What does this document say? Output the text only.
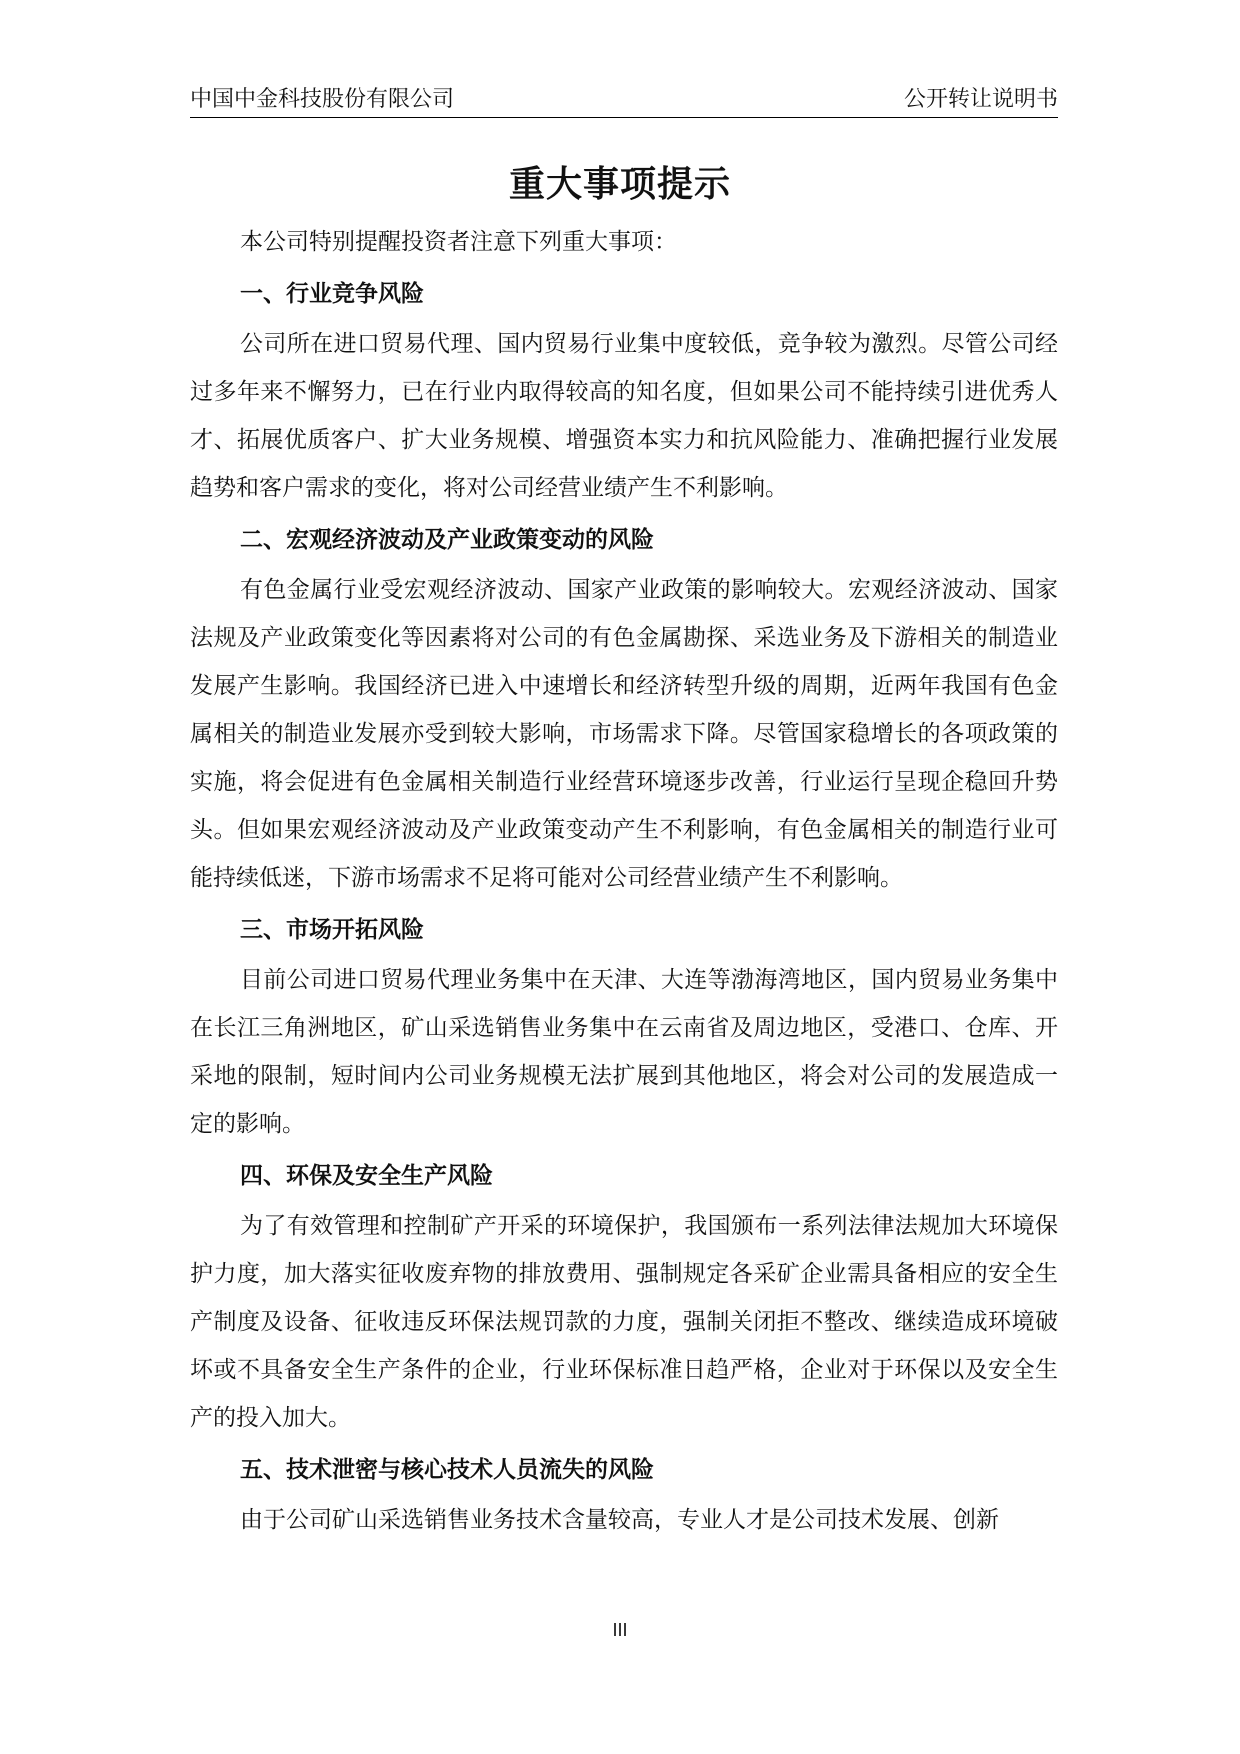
中国中金科技股份有限公司	公开转让说明书
重大事项提示

本公司特别提醒投资者注意下列重大事项：

一、行业竞争风险

公司所在进口贸易代理、国内贸易行业集中度较低，竞争较为激烈。尽管公司经过多年来不懈努力，已在行业内取得较高的知名度，但如果公司不能持续引进优秀人才、拓展优质客户、扩大业务规模、增强资本实力和抗风险能力、准确把握行业发展趋势和客户需求的变化，将对公司经营业绩产生不利影响。

二、宏观经济波动及产业政策变动的风险

有色金属行业受宏观经济波动、国家产业政策的影响较大。宏观经济波动、国家法规及产业政策变化等因素将对公司的有色金属勘探、采选业务及下游相关的制造业发展产生影响。我国经济已进入中速增长和经济转型升级的周期，近两年我国有色金属相关的制造业发展亦受到较大影响，市场需求下降。尽管国家稳增长的各项政策的实施，将会促进有色金属相关制造行业经营环境逐步改善，行业运行呈现企稳回升势头。但如果宏观经济波动及产业政策变动产生不利影响，有色金属相关的制造行业可能持续低迷，下游市场需求不足将可能对公司经营业绩产生不利影响。

三、市场开拓风险

目前公司进口贸易代理业务集中在天津、大连等渤海湾地区，国内贸易业务集中在长江三角洲地区，矿山采选销售业务集中在云南省及周边地区，受港口、仓库、开采地的限制，短时间内公司业务规模无法扩展到其他地区，将会对公司的发展造成一定的影响。

四、环保及安全生产风险

为了有效管理和控制矿产开采的环境保护，我国颁布一系列法律法规加大环境保护力度，加大落实征收废弃物的排放费用、强制规定各采矿企业需具备相应的安全生产制度及设备、征收违反环保法规罚款的力度，强制关闭拒不整改、继续造成环境破坏或不具备安全生产条件的企业，行业环保标准日趋严格，企业对于环保以及安全生产的投入加大。

五、技术泄密与核心技术人员流失的风险

由于公司矿山采选销售业务技术含量较高，专业人才是公司技术发展、创新

III
